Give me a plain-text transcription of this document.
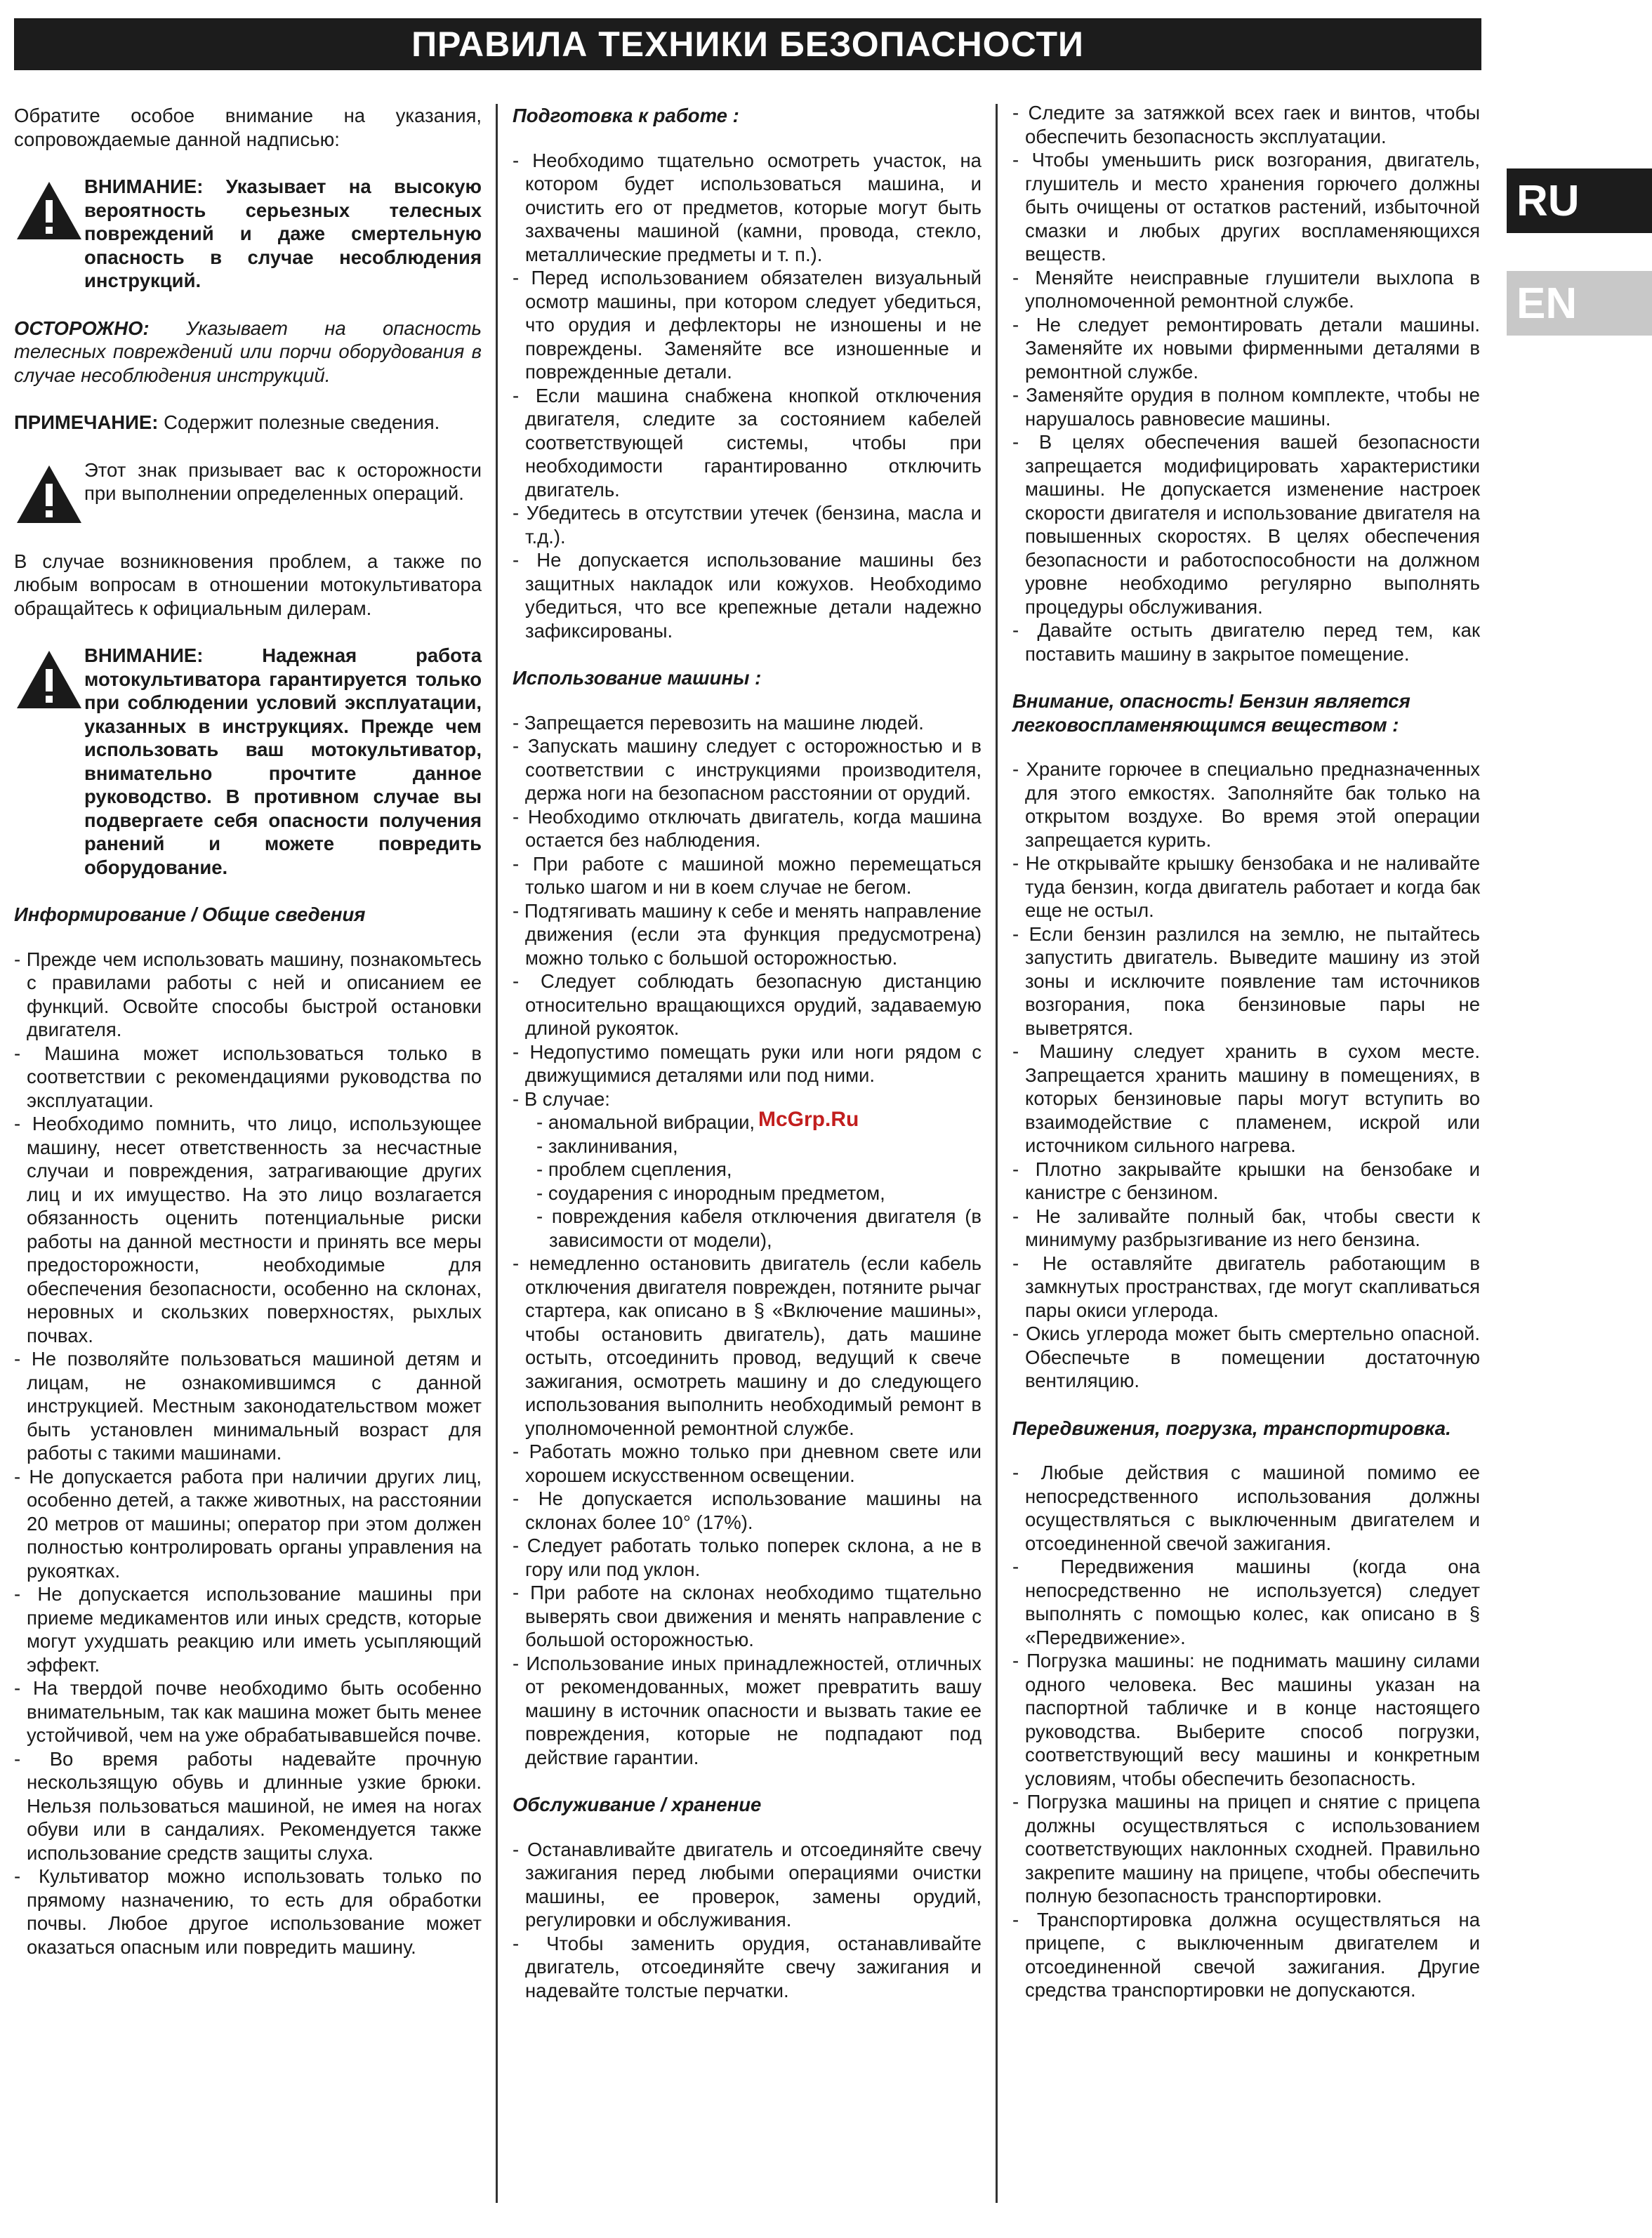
ПРАВИЛА ТЕХНИКИ БЕЗОПАСНОСТИ
RU
EN

Обратите особое внимание на указания, сопровождаемые данной надписью:

ВНИМАНИЕ: Указывает на высокую вероятность серьезных телесных повреждений и даже смертельную опасность в случае несоблюдения инструкций.

ОСТОРОЖНО: Указывает на опасность телесных повреждений или порчи оборудования в случае несоблюдения инструкций.

ПРИМЕЧАНИЕ: Содержит полезные сведения.

Этот знак призывает вас к осторожности при выполнении определенных операций.

В случае возникновения проблем, а также по любым вопросам в отношении мотокультиватора обращайтесь к официальным дилерам.

ВНИМАНИЕ: Надежная работа мотокультиватора гарантируется только при соблюдении условий эксплуатации, указанных в инструкциях. Прежде чем использовать ваш мотокультиватор, внимательно прочтите данное руководство. В противном случае вы подвергаете себя опасности получения ранений и можете повредить оборудование.
Информирование / Общие сведения
- Прежде чем использовать машину, познакомьтесь с правилами работы с ней и описанием ее функций. Освойте способы быстрой остановки двигателя.
- Машина может использоваться только в соответствии с рекомендациями руководства по эксплуатации.
- Необходимо помнить, что лицо, использующее машину, несет ответственность за несчастные случаи и повреждения, затрагивающие других лиц и их имущество. На это лицо возлагается обязанность оценить потенциальные риски работы на данной местности и принять все меры предосторожности, необходимые для обеспечения безопасности, особенно на склонах, неровных и скользких поверхностях, рыхлых почвах.
- Не позволяйте пользоваться машиной детям и лицам, не ознакомившимся с данной инструкцией. Местным законодательством может быть установлен минимальный возраст для работы с такими машинами.
- Не допускается работа при наличии других лиц, особенно детей, а также животных, на расстоянии 20 метров от машины; оператор при этом должен полностью контролировать органы управления на рукоятках.
- Не допускается использование машины при приеме медикаментов или иных средств, которые могут ухудшать реакцию или иметь усыпляющий эффект.
- На твердой почве необходимо быть особенно внимательным, так как машина может быть менее устойчивой, чем на уже обрабатывавшейся почве.
- Во время работы надевайте прочную нескользящую обувь и длинные узкие брюки. Нельзя пользоваться машиной, не имея на ногах обуви или в сандалиях. Рекомендуется также использование средств защиты слуха.
- Культиватор можно использовать только по прямому назначению, то есть для обработки почвы. Любое другое использование может оказаться опасным или повредить машину.
Подготовка к работе :
- Необходимо тщательно осмотреть участок, на котором будет использоваться машина, и очистить его от предметов, которые могут быть захвачены машиной (камни, провода, стекло, металлические предметы и т. п.).
- Перед использованием обязателен визуальный осмотр машины, при котором следует убедиться, что орудия и дефлекторы не изношены и не повреждены. Заменяйте все изношенные и поврежденные детали.
- Если машина снабжена кнопкой отключения двигателя, следите за состоянием кабелей соответствующей системы, чтобы при необходимости гарантированно отключить двигатель.
- Убедитесь в отсутствии утечек (бензина, масла и т.д.).
- Не допускается использование машины без защитных накладок или кожухов. Необходимо убедиться, что все крепежные детали надежно зафиксированы.
Использование машины :
- Запрещается перевозить на машине людей.
- Запускать машину следует с осторожностью и в соответствии с инструкциями производителя, держа ноги на безопасном расстоянии от орудий.
- Необходимо отключать двигатель, когда машина остается без наблюдения.
- При работе с машиной можно перемещаться только шагом и ни в коем случае не бегом.
- Подтягивать машину к себе и менять направление движения (если эта функция предусмотрена) можно только с большой осторожностью.
- Следует соблюдать безопасную дистанцию относительно вращающихся орудий, задаваемую длиной рукояток.
- Недопустимо помещать руки или ноги рядом с движущимися деталями или под ними.
- В случае:
- аномальной вибрации,
- заклинивания,
- проблем сцепления,
- соударения с инородным предметом,
- повреждения кабеля отключения двигателя (в зависимости от модели),
- немедленно остановить двигатель (если кабель отключения двигателя поврежден, потяните рычаг стартера, как описано в § «Включение машины», чтобы остановить двигатель), дать машине остыть, отсоединить провод, ведущий к свече зажигания, осмотреть машину и до следующего использования выполнить необходимый ремонт в уполномоченной ремонтной службе.
- Работать можно только при дневном свете или хорошем искусственном освещении.
- Не допускается использование машины на склонах более 10° (17%).
- Следует работать только поперек склона, а не в гору или под уклон.
- При работе на склонах необходимо тщательно выверять свои движения и менять направление с большой осторожностью.
- Использование иных принадлежностей, отличных от рекомендованных, может превратить вашу машину в источник опасности и вызвать такие ее повреждения, которые не подпадают под действие гарантии.
Обслуживание / хранение
- Останавливайте двигатель и отсоединяйте свечу зажигания перед любыми операциями очистки машины, ее проверок, замены орудий, регулировки и обслуживания.
- Чтобы заменить орудия, останавливайте двигатель, отсоединяйте свечу зажигания и надевайте толстые перчатки.
- Следите за затяжкой всех гаек и винтов, чтобы обеспечить безопасность эксплуатации.
- Чтобы уменьшить риск возгорания, двигатель, глушитель и место хранения горючего должны быть очищены от остатков растений, избыточной смазки и любых других воспламеняющихся веществ.
- Меняйте неисправные глушители выхлопа в уполномоченной ремонтной службе.
- Не следует ремонтировать детали машины. Заменяйте их новыми фирменными деталями в ремонтной службе.
- Заменяйте орудия в полном комплекте, чтобы не нарушалось равновесие машины.
- В целях обеспечения вашей безопасности запрещается модифицировать характеристики машины. Не допускается изменение настроек скорости двигателя и использование двигателя на повышенных скоростях. В целях обеспечения безопасности и работоспособности на должном уровне необходимо регулярно выполнять процедуры обслуживания.
- Давайте остыть двигателю перед тем, как поставить машину в закрытое помещение.
Внимание, опасность! Бензин является легковоспламеняющимся веществом :
- Храните горючее в специально предназначенных для этого емкостях. Заполняйте бак только на открытом воздухе. Во время этой операции запрещается курить.
- Не открывайте крышку бензобака и не наливайте туда бензин, когда двигатель работает и когда бак еще не остыл.
- Если бензин разлился на землю, не пытайтесь запустить двигатель. Выведите машину из этой зоны и исключите появление там источников возгорания, пока бензиновые пары не выветрятся.
- Машину следует хранить в сухом месте. Запрещается хранить машину в помещениях, в которых бензиновые пары могут вступить во взаимодействие с пламенем, искрой или источником сильного нагрева.
- Плотно закрывайте крышки на бензобаке и канистре с бензином.
- Не заливайте полный бак, чтобы свести к минимуму разбрызгивание из него бензина.
- Не оставляйте двигатель работающим в замкнутых пространствах, где могут скапливаться пары окиси углерода.
- Окись углерода может быть смертельно опасной. Обеспечьте в помещении достаточную вентиляцию.
Передвижения, погрузка, транспортировка.
- Любые действия с машиной помимо ее непосредственного использования должны осуществляться с выключенным двигателем и отсоединенной свечой зажигания.
- Передвижения машины (когда она непосредственно не используется) следует выполнять с помощью колес, как описано в § «Передвижение».
- Погрузка машины: не поднимать машину силами одного человека. Вес машины указан на паспортной табличке и в конце настоящего руководства. Выберите способ погрузки, соответствующий весу машины и конкретным условиям, чтобы обеспечить безопасность.
- Погрузка машины на прицеп и снятие с прицепа должны осуществляться с использованием соответствующих наклонных сходней. Правильно закрепите машину на прицепе, чтобы обеспечить полную безопасность транспортировки.
- Транспортировка должна осуществляться на прицепе, с выключенным двигателем и отсоединенной свечой зажигания. Другие средства транспортировки не допускаются.
McGrp.Ru
